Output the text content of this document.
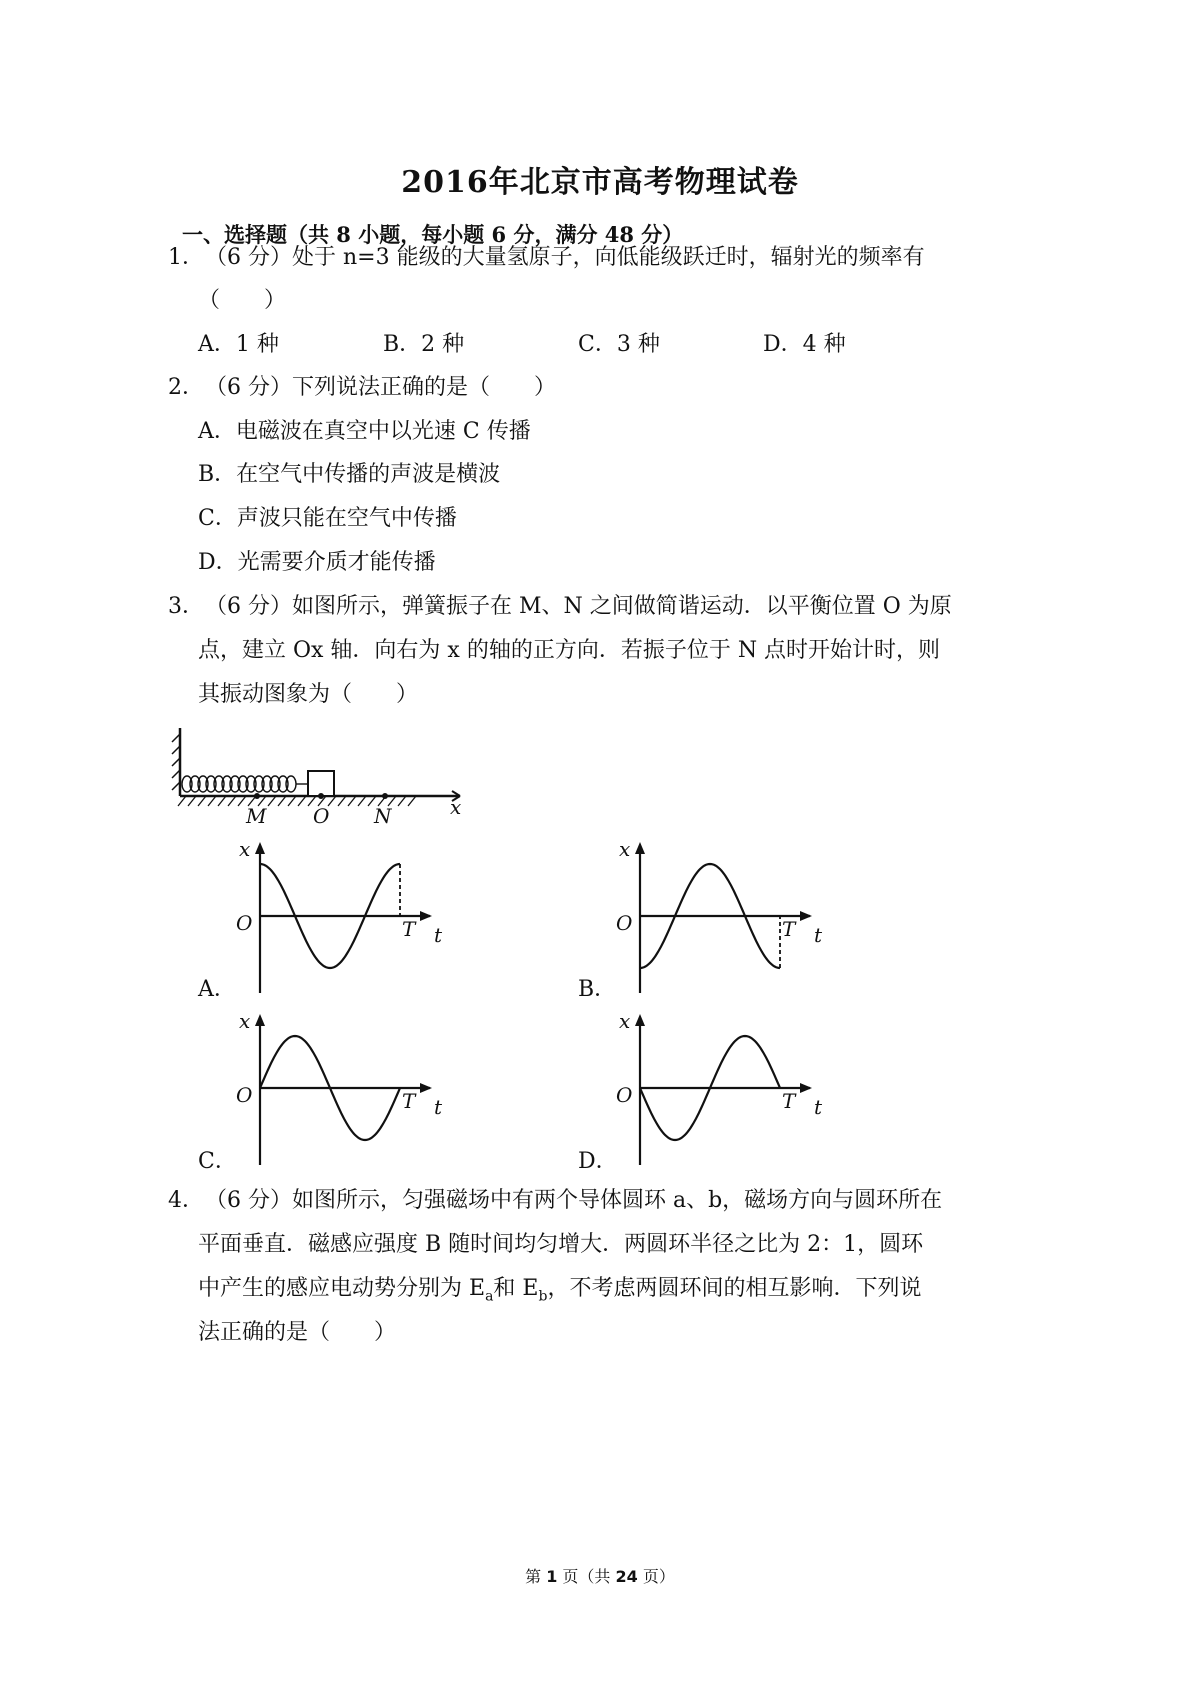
2016年北京市高考物理试卷
一、选择题（共 8 小题，每小题 6 分，满分 48 分）
1． （6 分）处于 n=3 能级的大量氢原子，向低能级跃迁时，辐射光的频率有
（　　）
A．1 种	B．2 种	C．3 种	D．4 种
2． （6 分）下列说法正确的是（　　）
A．电磁波在真空中以光速 C 传播
B．在空气中传播的声波是横波
C．声波只能在空气中传播
D．光需要介质才能传播
3． （6 分）如图所示，弹簧振子在 M、N 之间做简谐运动．以平衡位置 O 为原
点，建立 Ox 轴．向右为 x 的轴的正方向．若振子位于 N 点时开始计时，则
其振动图象为（　　）
M O N	x
x
O	T t
A．
x
O	T t
B．
x
O	T t
C．
x
O	T t
D．
4． （6 分）如图所示，匀强磁场中有两个导体圆环 a、b，磁场方向与圆环所在
平面垂直．磁感应强度 B 随时间均匀增大．两圆环半径之比为 2：1，圆环
中产生的感应电动势分别为 $E_a$和 $E_b$，不考虑两圆环间的相互影响．下列说
法正确的是（　　）
第 1 页（共 24 页）
